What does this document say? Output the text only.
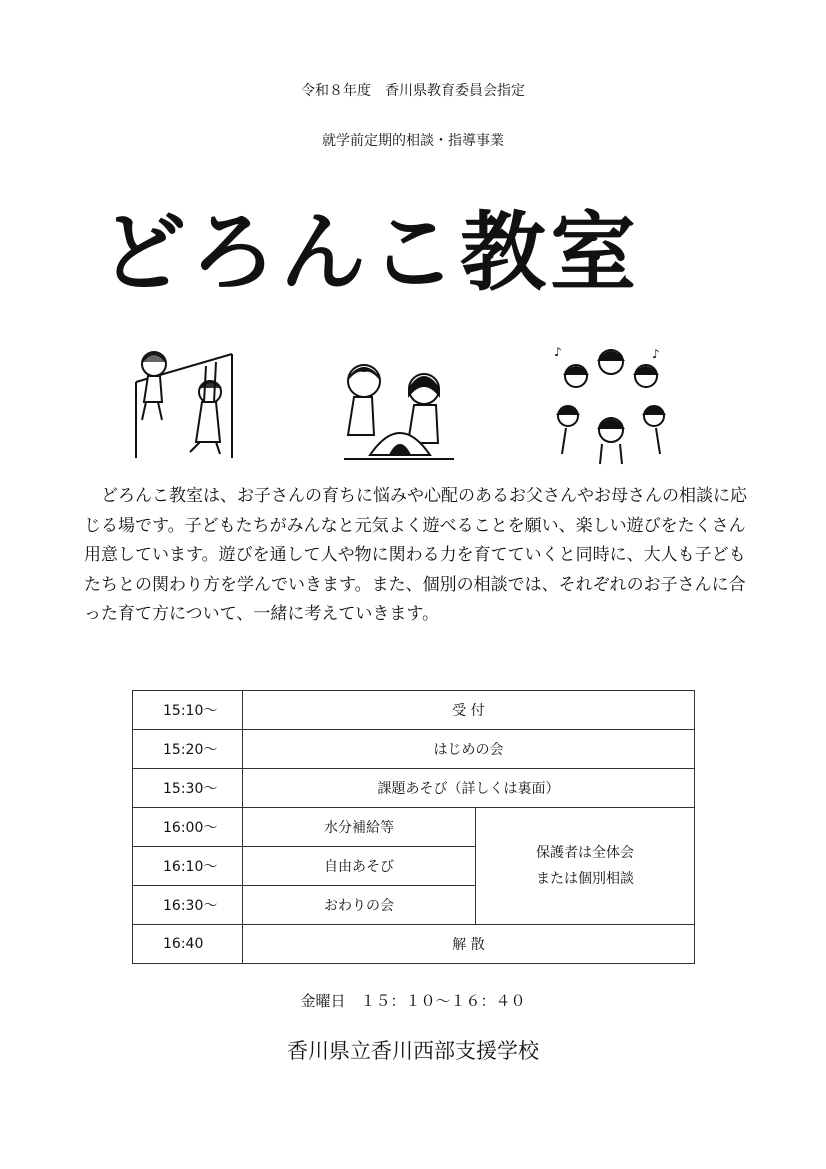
令和８年度　香川県教育委員会指定
就学前定期的相談・指導事業
どろんこ教室
♪	♪

どろんこ教室は、お子さんの育ちに悩みや心配のあるお父さんやお母さんの相談に応じる場です。子どもたちがみんなと元気よく遊べることを願い、楽しい遊びをたくさん用意しています。遊びを通して人や物に関わる力を育てていくと同時に、大人も子どもたちとの関わり方を学んでいきます。また、個別の相談では、それぞれのお子さんに合った育て方について、一緒に考えていきます。

15:10～	受 付	
15:20～	はじめの会	
15:30～	課題あそび（詳しくは裏面）	
16:00～	水分補給等	保護者は全体会
または個別相談

16:10～	自由あそび	
16:30～	おわりの会	
16:40	解 散	
金曜日　１５：１０～１６：４０
香川県立香川西部支援学校
